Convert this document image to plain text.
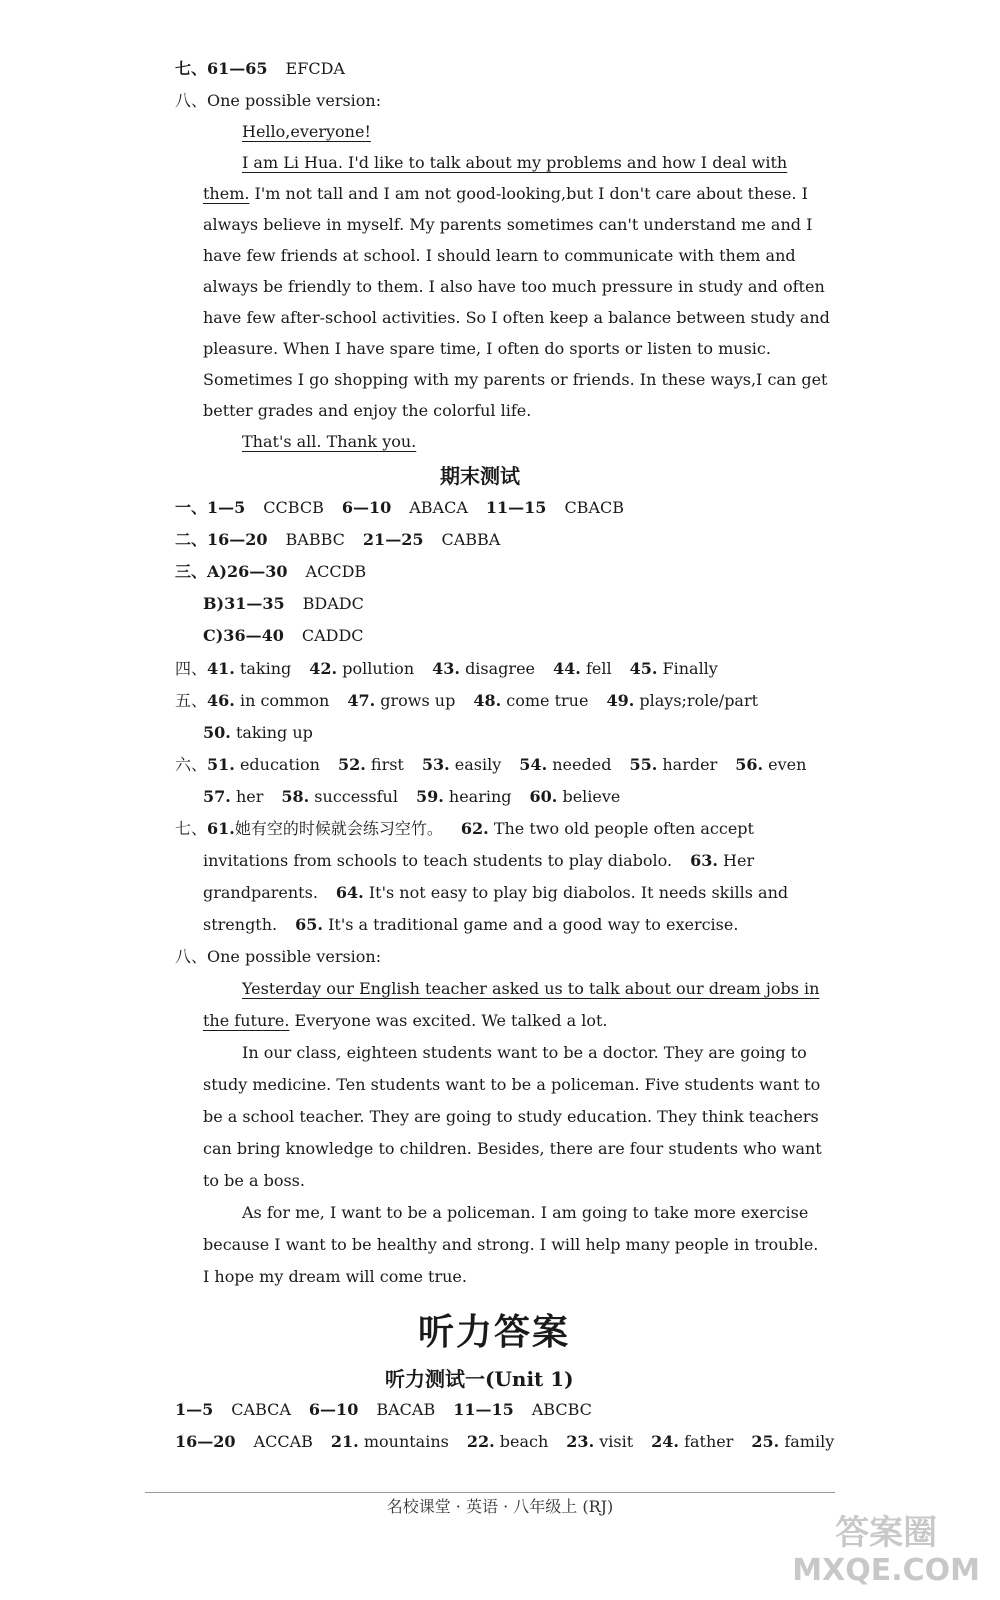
七、61—65 EFCDA
八、One possible version:
Hello,everyone!
I am Li Hua. I'd like to talk about my problems and how I deal with
them. I'm not tall and I am not good-looking,but I don't care about these. I
always believe in myself. My parents sometimes can't understand me and I
have few friends at school. I should learn to communicate with them and
always be friendly to them. I also have too much pressure in study and often
have few after-school activities. So I often keep a balance between study and
pleasure. When I have spare time, I often do sports or listen to music.
Sometimes I go shopping with my parents or friends. In these ways,I can get
better grades and enjoy the colorful life.
That's all. Thank you.
期末测试
一、1—5 CCBCB 6—10 ABACA 11—15 CBACB
二、16—20 BABBC 21—25 CABBA
三、A)26—30 ACCDB
B)31—35 BDADC
C)36—40 CADDC
四、41. taking 42. pollution 43. disagree 44. fell 45. Finally
五、46. in common 47. grows up 48. come true 49. plays;role/part
50. taking up
六、51. education 52. first 53. easily 54. needed 55. harder 56. even
57. her 58. successful 59. hearing 60. believe
七、61.她有空的时候就会练习空竹。 62. The two old people often accept
invitations from schools to teach students to play diabolo. 63. Her
grandparents. 64. It's not easy to play big diabolos. It needs skills and
strength. 65. It's a traditional game and a good way to exercise.
八、One possible version:
Yesterday our English teacher asked us to talk about our dream jobs in
the future. Everyone was excited. We talked a lot.
In our class, eighteen students want to be a doctor. They are going to
study medicine. Ten students want to be a policeman. Five students want to
be a school teacher. They are going to study education. They think teachers
can bring knowledge to children. Besides, there are four students who want
to be a boss.
As for me, I want to be a policeman. I am going to take more exercise
because I want to be healthy and strong. I will help many people in trouble.
I hope my dream will come true.
听力答案
听力测试一(Unit 1)
1—5 CABCA 6—10 BACAB 11—15 ABCBC
16—20 ACCAB 21. mountains 22. beach 23. visit 24. father 25. family
名校课堂 · 英语 · 八年级上 (RJ)
答案圈
MXQE.COM
